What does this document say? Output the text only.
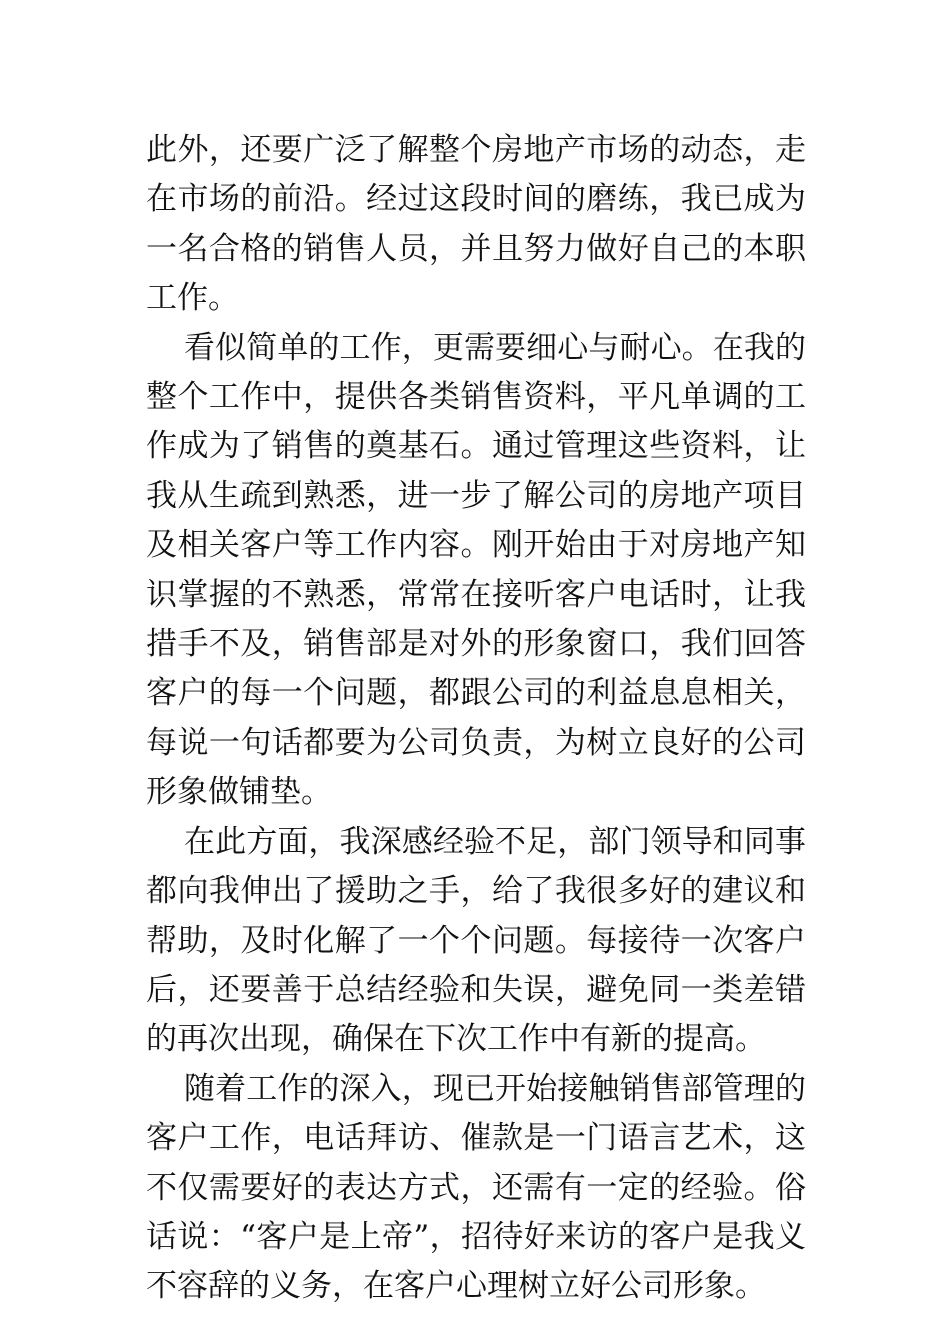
此外，还要广泛了解整个房地产市场的动态，走在市场的前沿。经过这段时间的磨练，我已成为一名合格的销售人员，并且努力做好自己的本职工作。

看似简单的工作，更需要细心与耐心。在我的整个工作中，提供各类销售资料，平凡单调的工作成为了销售的奠基石。通过管理这些资料，让我从生疏到熟悉，进一步了解公司的房地产项目及相关客户等工作内容。刚开始由于对房地产知识掌握的不熟悉，常常在接听客户电话时，让我措手不及，销售部是对外的形象窗口，我们回答客户的每一个问题，都跟公司的利益息息相关，每说一句话都要为公司负责，为树立良好的公司形象做铺垫。

在此方面，我深感经验不足，部门领导和同事都向我伸出了援助之手，给了我很多好的建议和帮助，及时化解了一个个问题。每接待一次客户后，还要善于总结经验和失误，避免同一类差错的再次出现，确保在下次工作中有新的提高。

随着工作的深入，现已开始接触销售部管理的客户工作，电话拜访、催款是一门语言艺术，这不仅需要好的表达方式，还需有一定的经验。俗话说：“客户是上帝”，招待好来访的客户是我义不容辞的义务，在客户心理树立好公司形象。
